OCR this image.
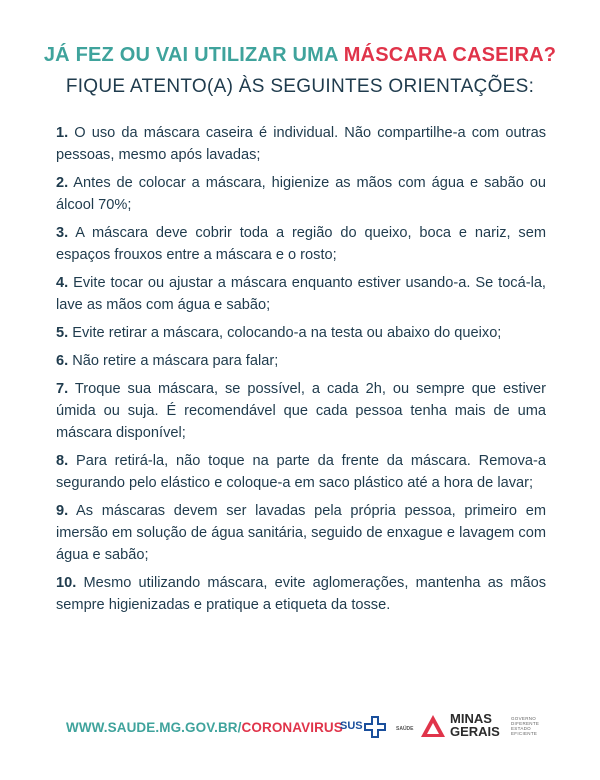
JÁ FEZ OU VAI UTILIZAR UMA MÁSCARA CASEIRA?
FIQUE ATENTO(A) ÀS SEGUINTES ORIENTAÇÕES:
1. O uso da máscara caseira é individual. Não compartilhe-a com outras pessoas, mesmo após lavadas;
2. Antes de colocar a máscara, higienize as mãos com água e sabão ou álcool 70%;
3. A máscara deve cobrir toda a região do queixo, boca e nariz, sem espaços frouxos entre a máscara e o rosto;
4. Evite tocar ou ajustar a máscara enquanto estiver usando-a. Se tocá-la, lave as mãos com água e sabão;
5. Evite retirar a máscara, colocando-a na testa ou abaixo do queixo;
6. Não retire a máscara para falar;
7. Troque sua máscara, se possível, a cada 2h, ou sempre que estiver úmida ou suja. É recomendável que cada pessoa tenha mais de uma máscara disponível;
8. Para retirá-la, não toque na parte da frente da máscara. Remova-a segurando pelo elástico e coloque-a em saco plástico até a hora de lavar;
9. As máscaras devem ser lavadas pela própria pessoa, primeiro em imersão em solução de água sanitária, seguido de enxague e lavagem com água e sabão;
10. Mesmo utilizando máscara, evite aglomerações, mantenha as mãos sempre higienizadas e pratique a etiqueta da tosse.
WWW.SAUDE.MG.GOV.BR/CORONAVIRUS
SUS	SAÚDE
MINAS
GERAIS
GOVERNO
DIFERENTE
ESTADO
EFICIENTE
